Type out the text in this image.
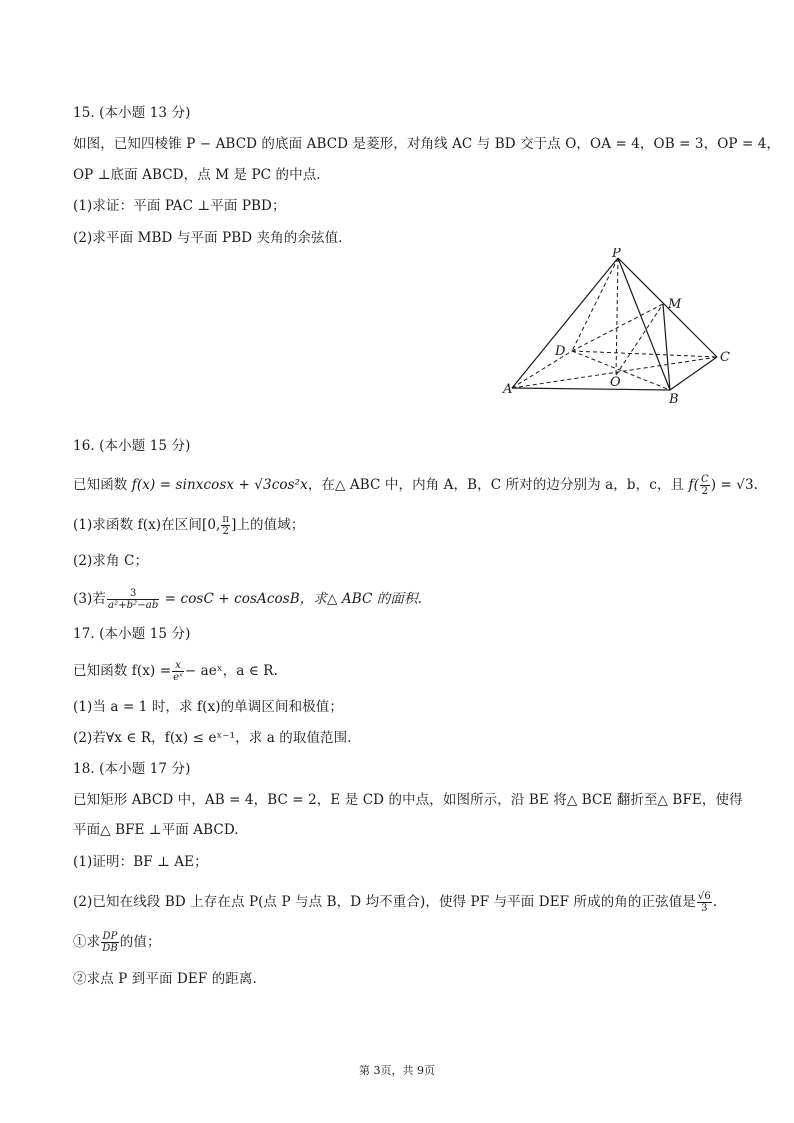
15. (本小题 13 分)
如图，已知四棱锥 P − ABCD 的底面 ABCD 是菱形，对角线 AC 与 BD 交于点 O，OA = 4，OB = 3，OP = 4，
OP ⊥底面 ABCD，点 M 是 PC 的中点.
(1)求证：平面 PAC ⊥平面 PBD；
(2)求平面 MBD 与平面 PBD 夹角的余弦值.
P
M
D	C
O
A
B
16. (本小题 15 分)
已知函数 f(x) = sinxcosx + √3cos²x，在△ ABC 中，内角 A，B，C 所对的边分别为 a，b，c，且 $f( \frac{C}{2}$ ) = √3.
(1)求函数 f(x)在区间[0, $\frac{\pi}{2}$ ]上的值域；
(2)求角 C；
(3)若 $\frac{3}{\text{a²+b²−ab}} = \cos C$ + cosAcosB，求△ ABC 的面积.
17. (本小题 15 分)
已知函数 $f(x) = \frac{x}{\text{eˣ}}$ − aeˣ，a ∈ R.
(1)当 a = 1 时，求 f(x)的单调区间和极值；
(2)若∀x ∈ R，f(x) ≤ eˣ⁻¹，求 a 的取值范围.
18. (本小题 17 分)
已知矩形 ABCD 中，AB = 4，BC = 2，E 是 CD 的中点，如图所示，沿 BE 将△ BCE 翻折至△ BFE，使得
平面△ BFE ⊥平面 ABCD.
(1)证明：BF ⊥ AE；
(2)已知在线段 BD 上存在点 P(点 P 与点 B，D 均不重合)，使得 PF 与平面 DEF 所成的角的正弦值是 $\frac{√6}{3}$ .
①求 $\frac{DP}{DB}$ 的值；
②求点 P 到平面 DEF 的距离.
第 3页，共 9页
